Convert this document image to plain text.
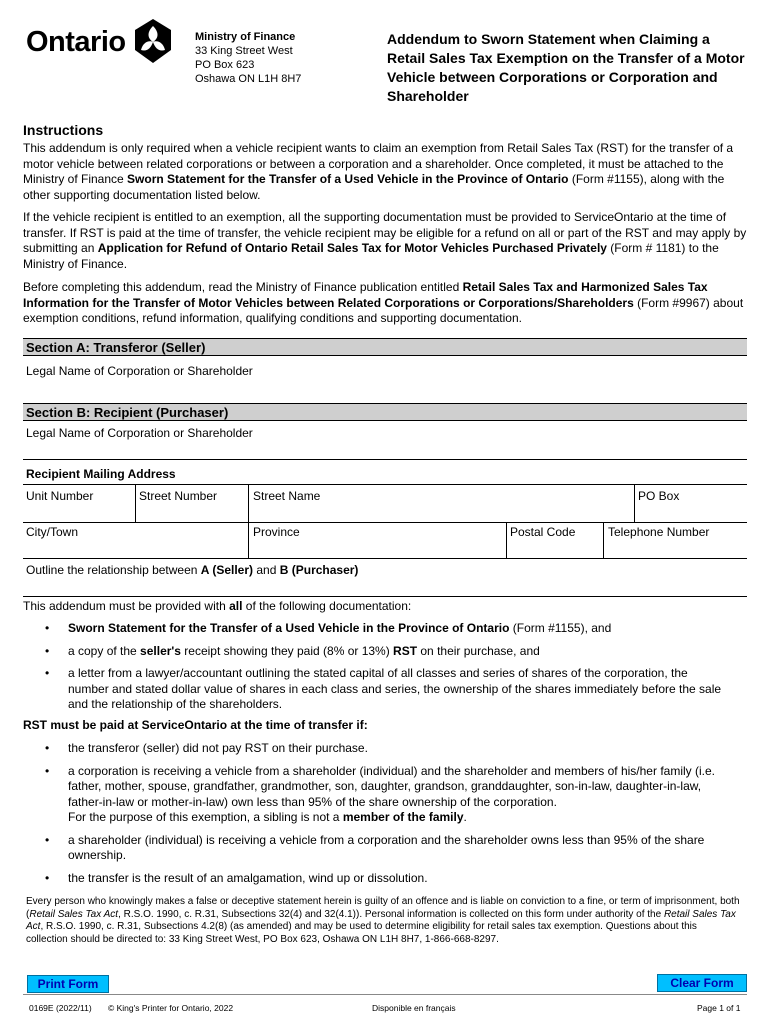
Ontario	Ministry of Finance
33 King Street West
PO Box 623
Oshawa ON L1H 8H7
Addendum to Sworn Statement when Claiming a Retail Sales Tax Exemption on the Transfer of a Motor Vehicle between Corporations or Corporation and Shareholder
Instructions
This addendum is only required when a vehicle recipient wants to claim an exemption from Retail Sales Tax (RST) for the transfer of a motor vehicle between related corporations or between a corporation and a shareholder. Once completed, it must be attached to the Ministry of Finance Sworn Statement for the Transfer of a Used Vehicle in the Province of Ontario (Form #1155), along with the other supporting documentation listed below.
If the vehicle recipient is entitled to an exemption, all the supporting documentation must be provided to ServiceOntario at the time of transfer. If RST is paid at the time of transfer, the vehicle recipient may be eligible for a refund on all or part of the RST and may apply by submitting an Application for Refund of Ontario Retail Sales Tax for Motor Vehicles Purchased Privately (Form # 1181) to the Ministry of Finance.
Before completing this addendum, read the Ministry of Finance publication entitled Retail Sales Tax and Harmonized Sales Tax Information for the Transfer of Motor Vehicles between Related Corporations or Corporations/Shareholders (Form #9967) about exemption conditions, refund information, qualifying conditions and supporting documentation.
Section A: Transferor (Seller)
Legal Name of Corporation or Shareholder
Section B: Recipient (Purchaser)
Legal Name of Corporation or Shareholder
Recipient Mailing Address
Unit Number	Street Number	Street Name	PO Box
City/Town	Province	Postal Code	Telephone Number
Outline the relationship between A (Seller) and B (Purchaser)
This addendum must be provided with all of the following documentation:
• Sworn Statement for the Transfer of a Used Vehicle in the Province of Ontario (Form #1155), and
• a copy of the seller's receipt showing they paid (8% or 13%) RST on their purchase, and
• a letter from a lawyer/accountant outlining the stated capital of all classes and series of shares of the corporation, the number and stated dollar value of shares in each class and series, the ownership of the shares immediately before the sale and the relationship of the shareholders.
RST must be paid at ServiceOntario at the time of transfer if:
• the transferor (seller) did not pay RST on their purchase.
• a corporation is receiving a vehicle from a shareholder (individual) and the shareholder and members of his/her family (i.e. father, mother, spouse, grandfather, grandmother, son, daughter, grandson, granddaughter, son-in-law, daughter-in-law, father-in-law or mother-in-law) own less than 95% of the share ownership of the corporation.
For the purpose of this exemption, a sibling is not a member of the family.
• a shareholder (individual) is receiving a vehicle from a corporation and the shareholder owns less than 95% of the share ownership.
• the transfer is the result of an amalgamation, wind up or dissolution.
Every person who knowingly makes a false or deceptive statement herein is guilty of an offence and is liable on conviction to a fine, or term of imprisonment, both (Retail Sales Tax Act, R.S.O. 1990, c. R.31, Subsections 32(4) and 32(4.1)). Personal information is collected on this form under authority of the Retail Sales Tax Act, R.S.O. 1990, c. R.31, Subsections 4.2(8) (as amended) and may be used to determine eligibility for retail sales tax exemption. Questions about this collection should be directed to: 33 King Street West, PO Box 623, Oshawa ON L1H 8H7, 1-866-668-8297.
Print Form	Clear Form
0169E (2022/11) © King's Printer for Ontario, 2022	Disponible en français	Page 1 of 1
